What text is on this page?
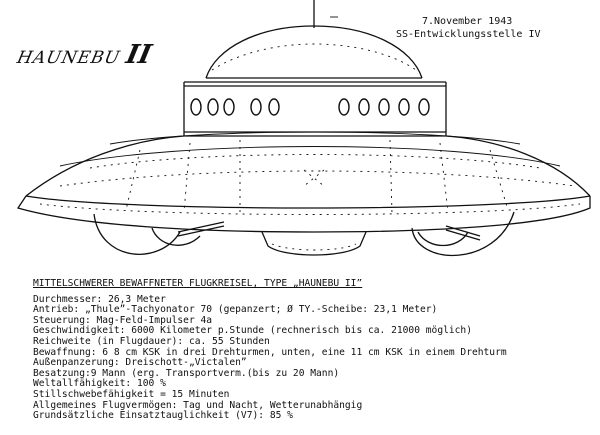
HAUNEBUII
7.November 1943
SS-Entwicklungsstelle IV
MITTELSCHWERER BEWAFFNETER FLUGKREISEL, TYPE „HAUNEBU II”
Durchmesser: 26,3 Meter
Antrieb: „Thule”-Tachyonator 70 (gepanzert; Ø TY.-Scheibe: 23,1 Meter)
Steuerung: Mag-Feld-Impulser 4a
Geschwindigkeit: 6000 Kilometer p.Stunde (rechnerisch bis ca. 21000 möglich)
Reichweite (in Flugdauer): ca. 55 Stunden
Bewaffnung: 6 8 cm KSK in drei Drehturmen, unten, eine 11 cm KSK in einem Drehturm
Außenpanzerung: Dreischott-„Victalen”
Besatzung:9 Mann (erg. Transportverm.(bis zu 20 Mann)
Weltallfähigkeit: 100 %
Stillschwebefähigkeit = 15 Minuten
Allgemeines Flugvermögen: Tag und Nacht, Wetterunabhängig
Grundsätzliche Einsatztauglichkeit (V7): 85 %
